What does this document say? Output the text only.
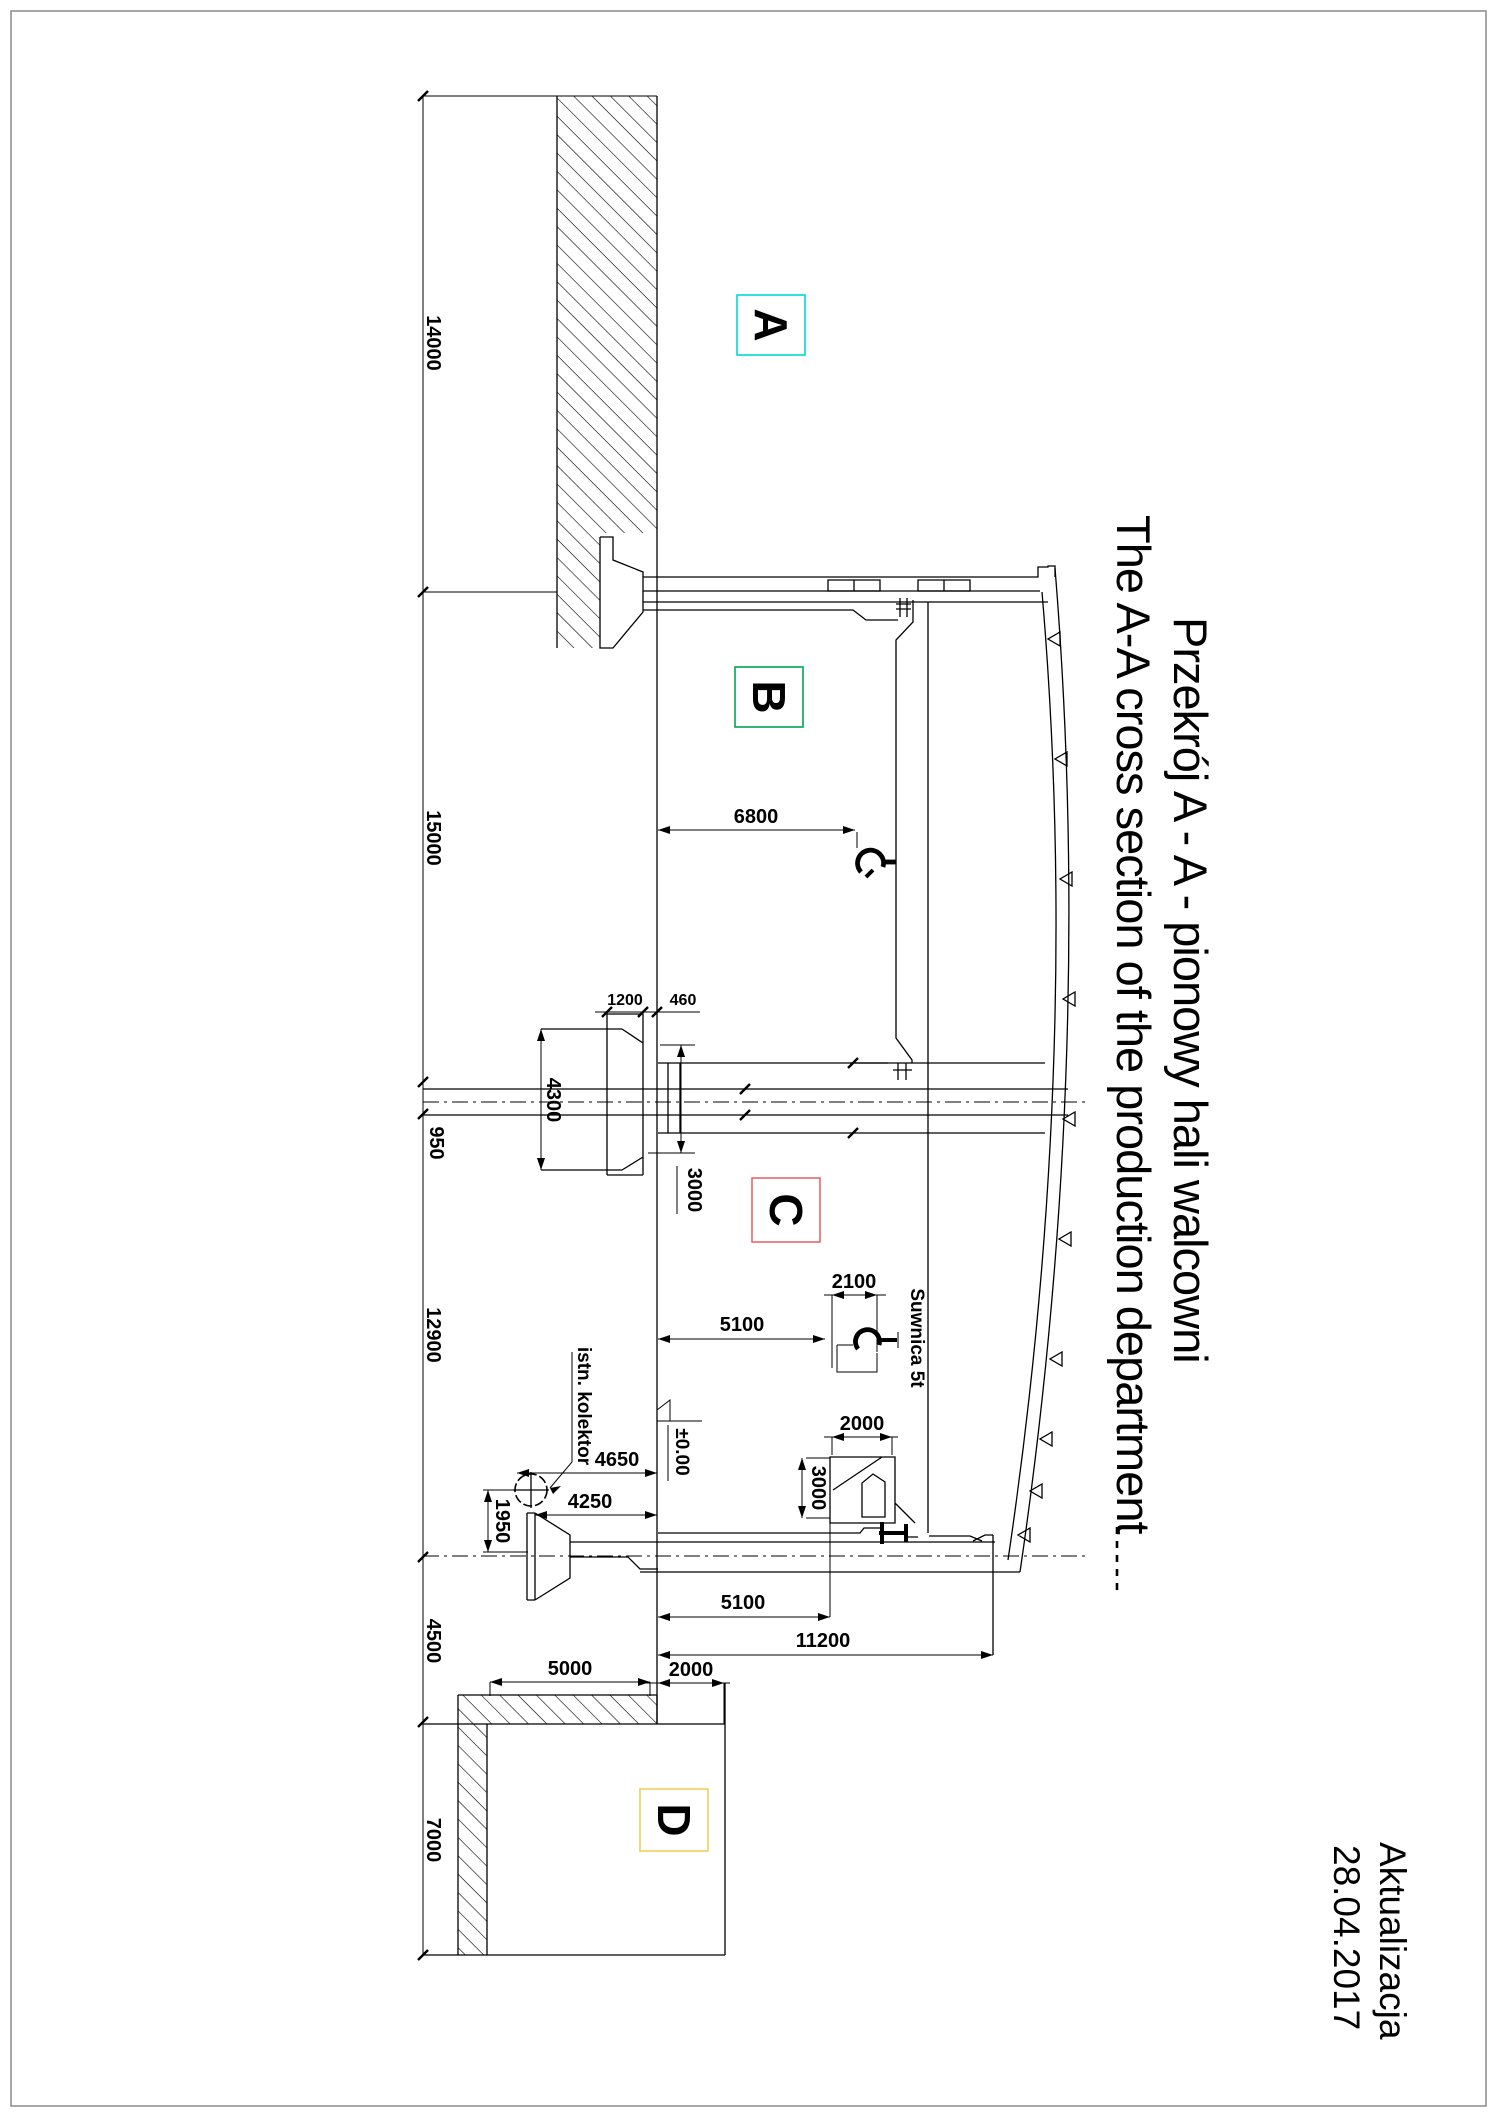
14000
15000
950
12900
4500
7000
±0.00
istn. kolektor
Suwnica 5t
1200 460
6800
4300
3000
2100
5100
2000
3000
4650
4250
1950
5100
11200
5000	2000
A
B
C
D
The A-A cross section of the production department Przekrój A - A - pionowy hali walcowni
Aktualizacja
28.04.2017
